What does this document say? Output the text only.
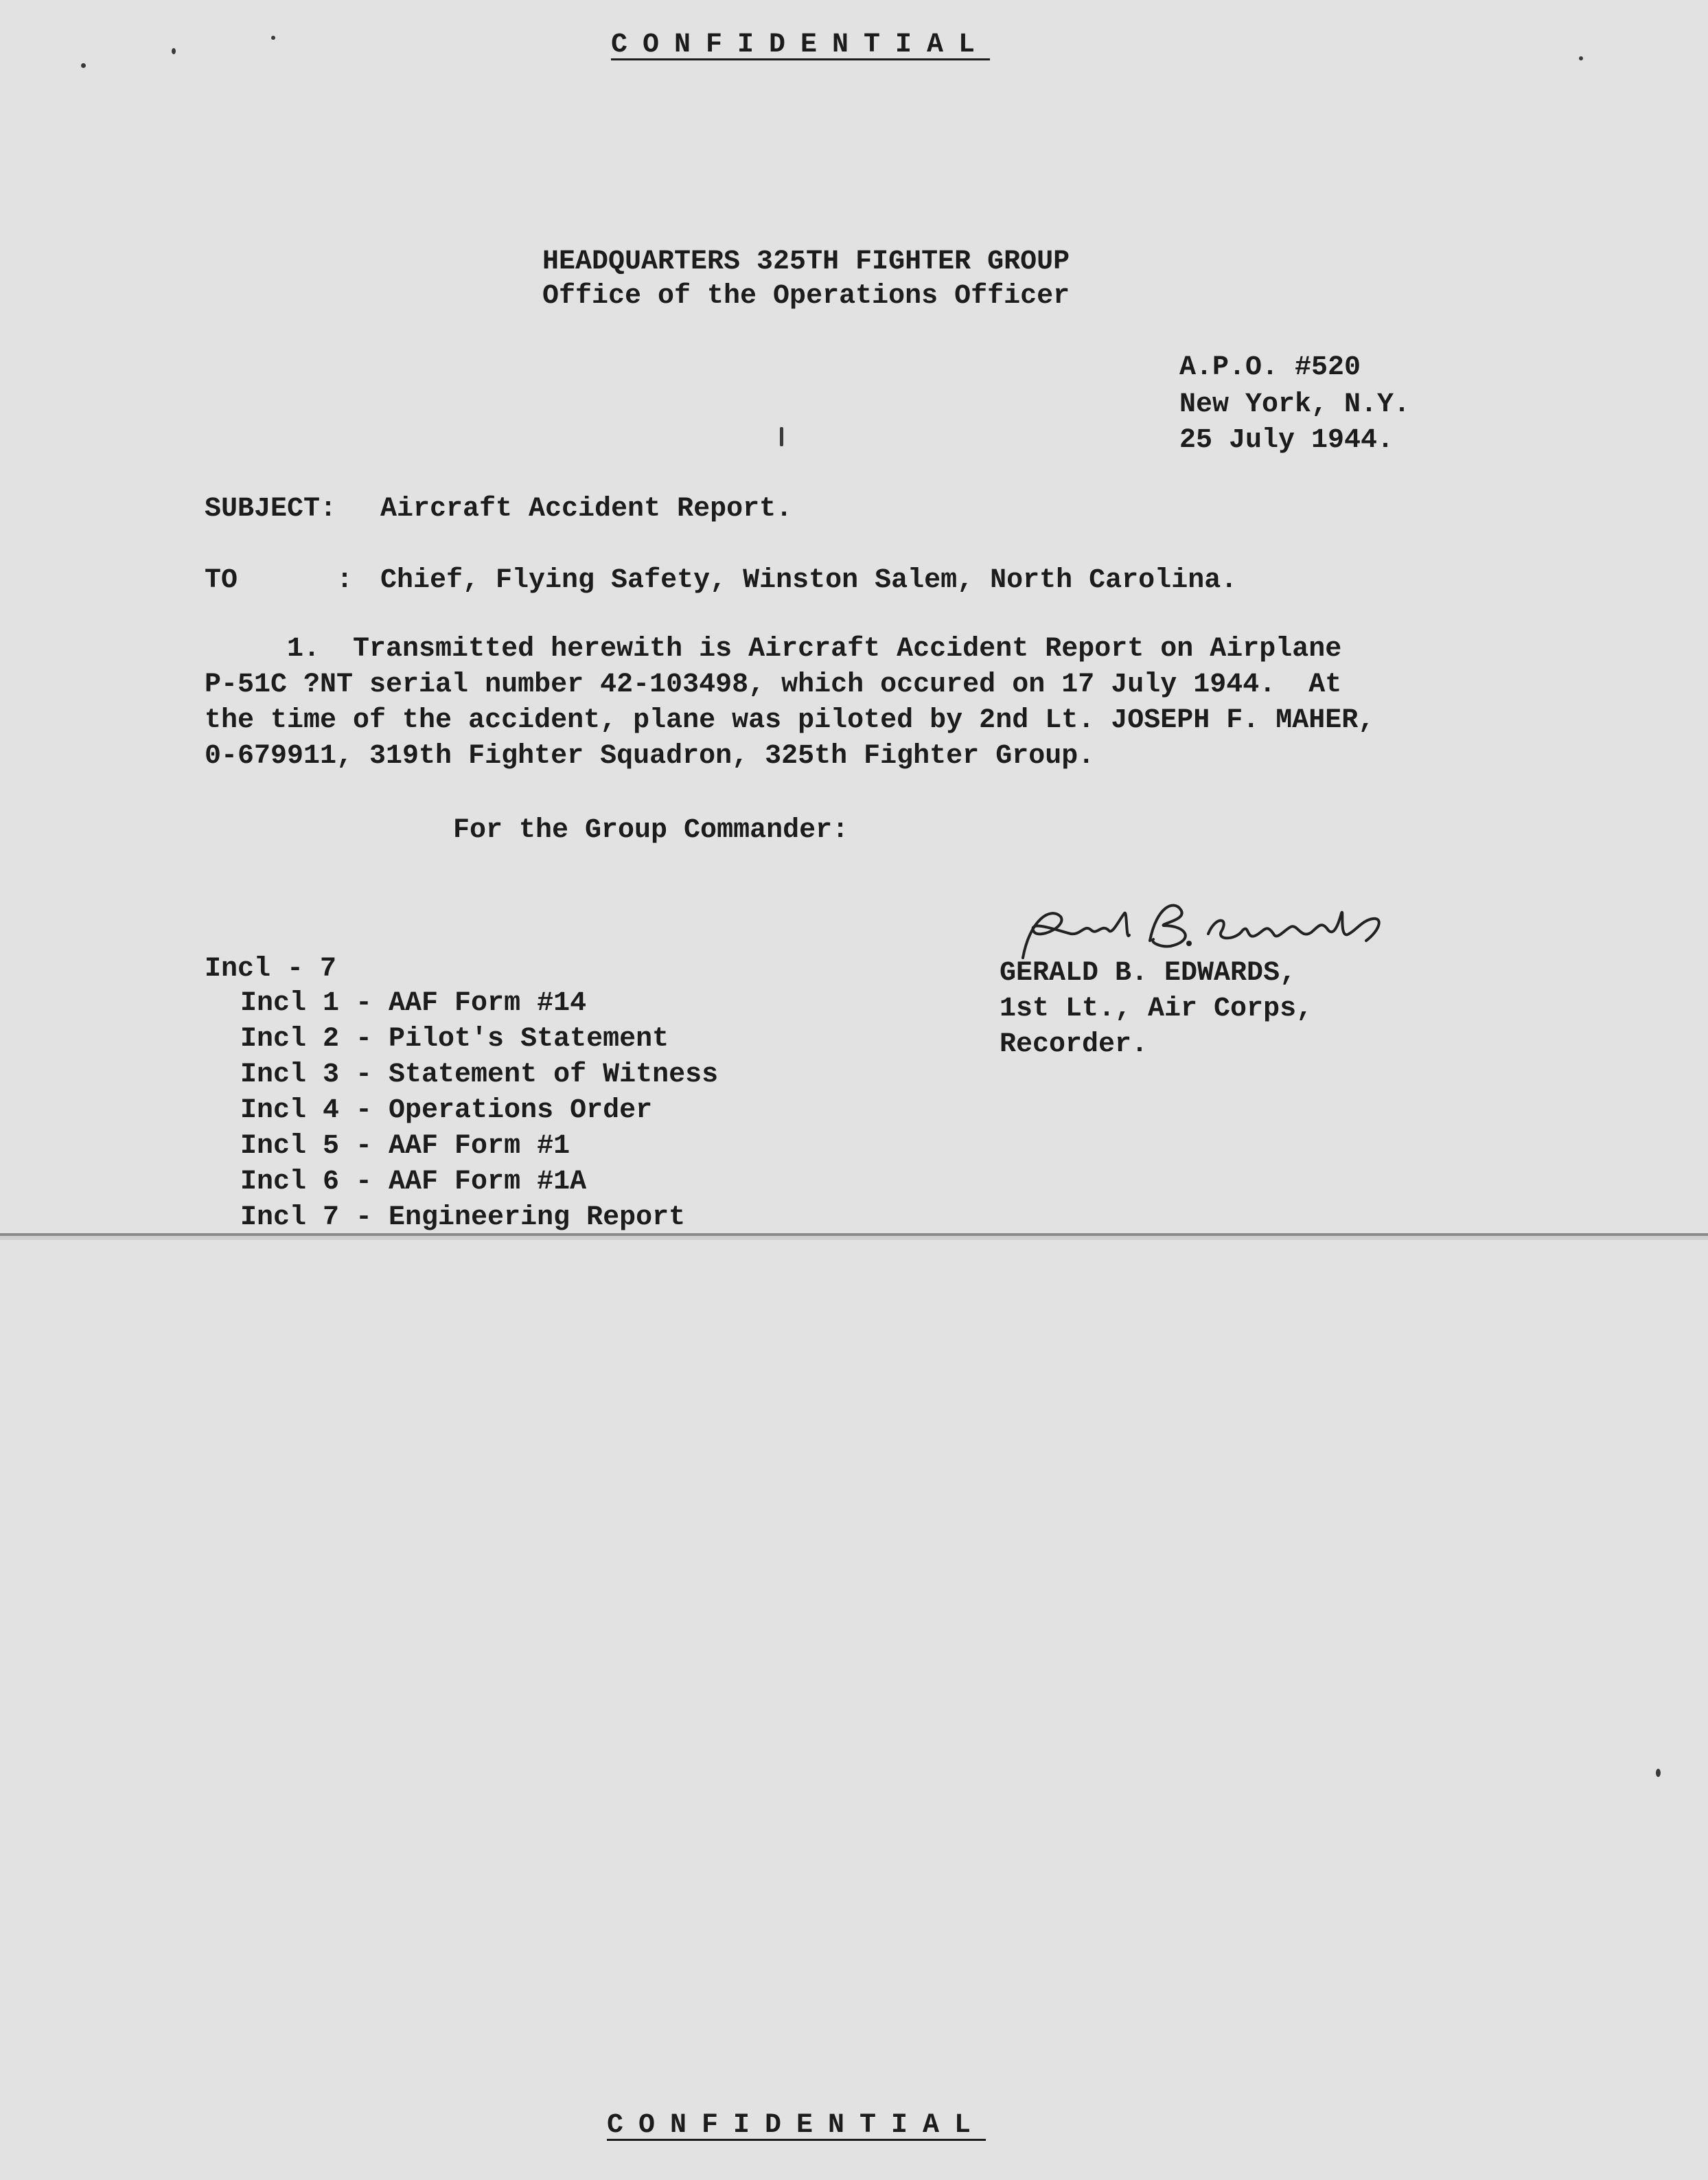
CONFIDENTIAL
HEADQUARTERS 325TH FIGHTER GROUP
Office of the Operations Officer
A.P.O. #520
New York, N.Y.
25 July 1944.
SUBJECT: Aircraft Accident Report.
TO      : Chief, Flying Safety, Winston Salem, North Carolina.

1.  Transmitted herewith is Aircraft Accident Report on Airplane

P-51C ?NT serial number 42-103498, which occured on 17 July 1944.  At

the time of the accident, plane was piloted by 2nd Lt. JOSEPH F. MAHER,

0-679911, 319th Fighter Squadron, 325th Fighter Group.

For the Group Commander:
GERALD B. EDWARDS,
1st Lt., Air Corps,
Recorder.
Incl - 7
Incl 1 - AAF Form #14
Incl 2 - Pilot's Statement
Incl 3 - Statement of Witness
Incl 4 - Operations Order
Incl 5 - AAF Form #1
Incl 6 - AAF Form #1A
Incl 7 - Engineering Report
CONFIDENTIAL
